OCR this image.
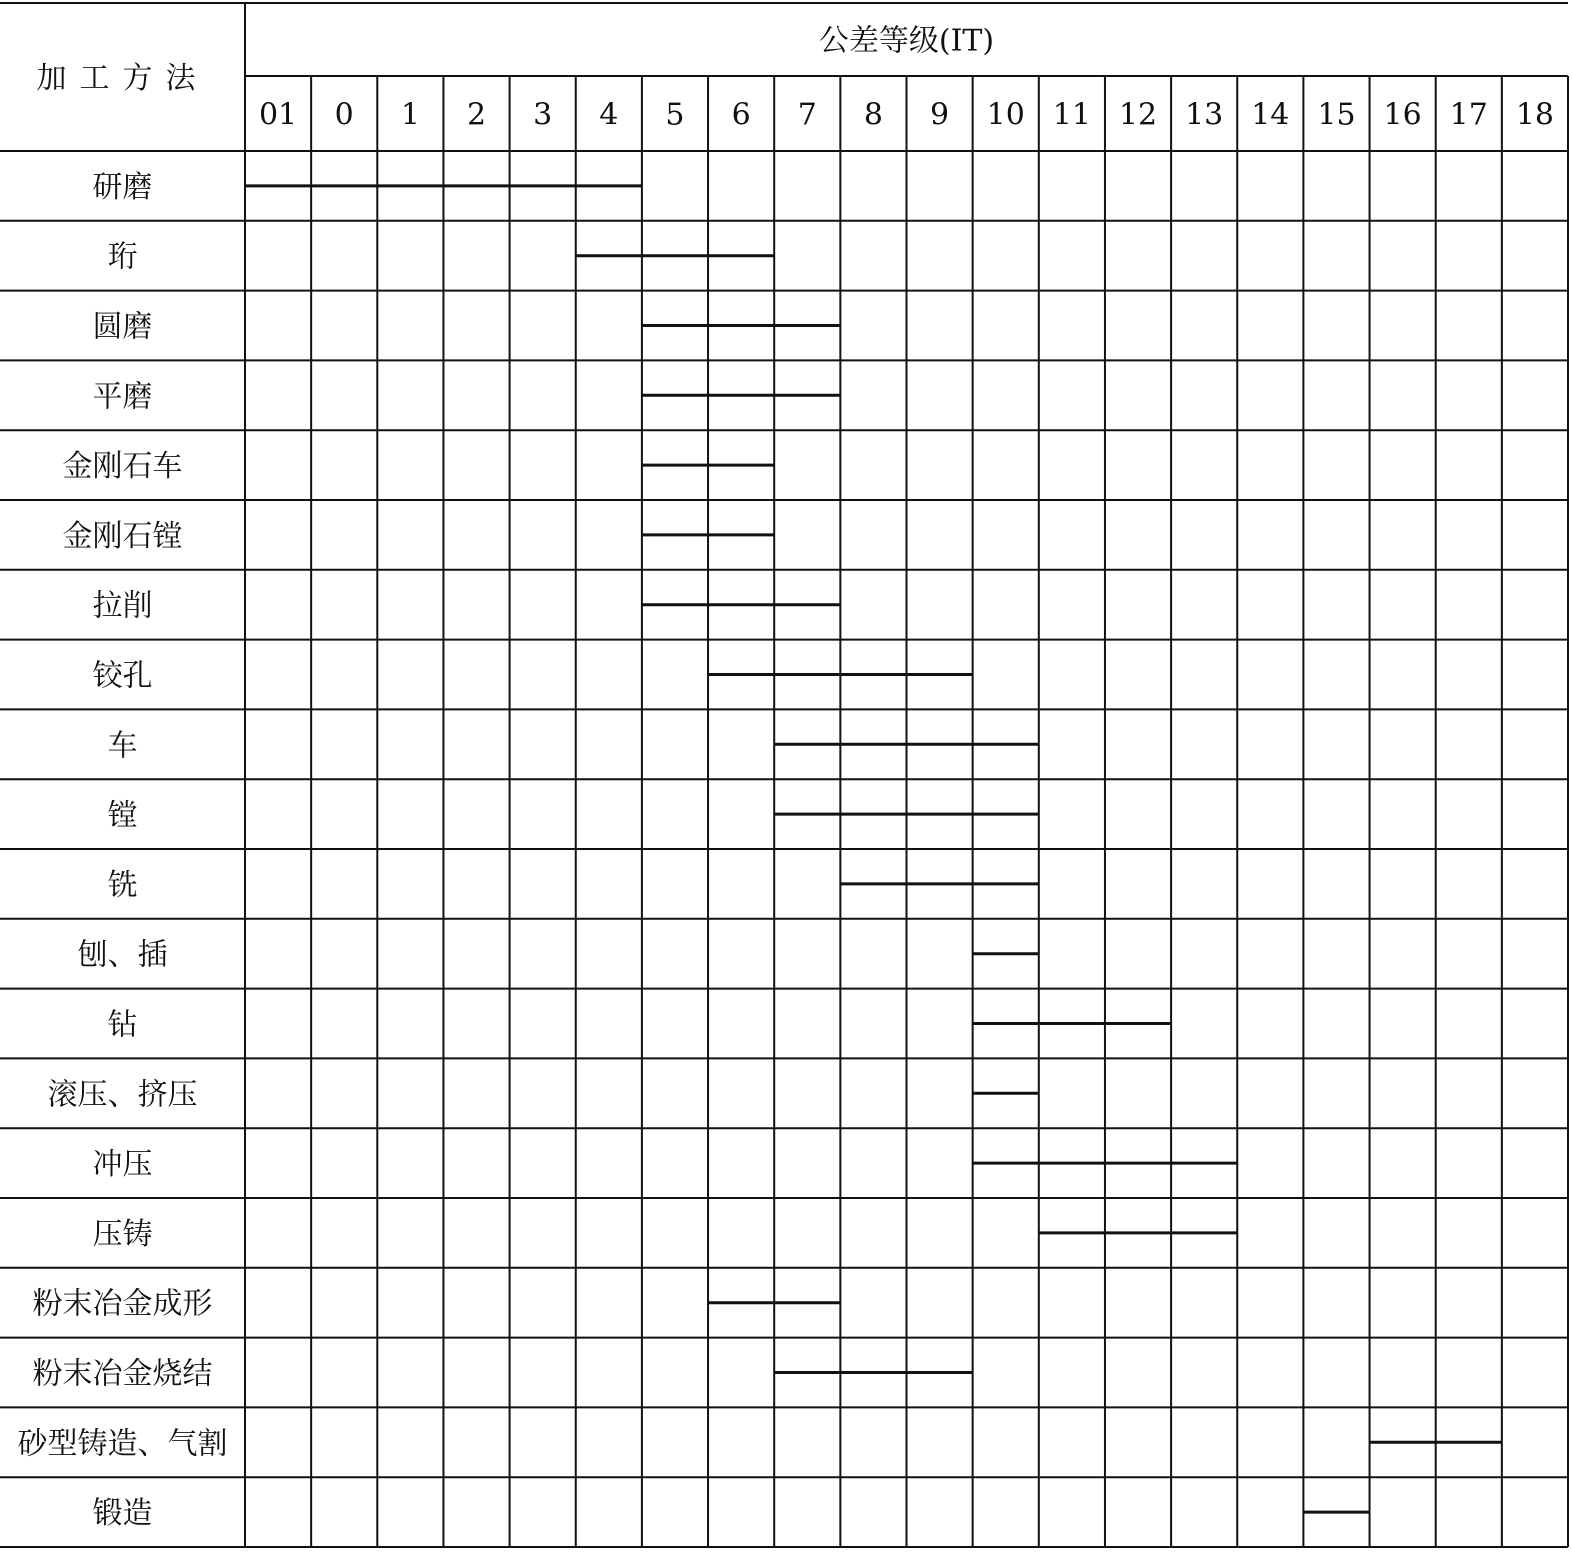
公差等级(IT)
加工方法
01 0 1 2 3 4 5 6 7 8 9 10 11 12 13 14 15 16 17 18
研磨
珩
圆磨
平磨
金刚石车
金刚石镗
拉削
铰孔
车
镗
铣
刨、插
钻
滚压、挤压
冲压
压铸
粉末冶金成形
粉末冶金烧结
砂型铸造、气割
锻造
